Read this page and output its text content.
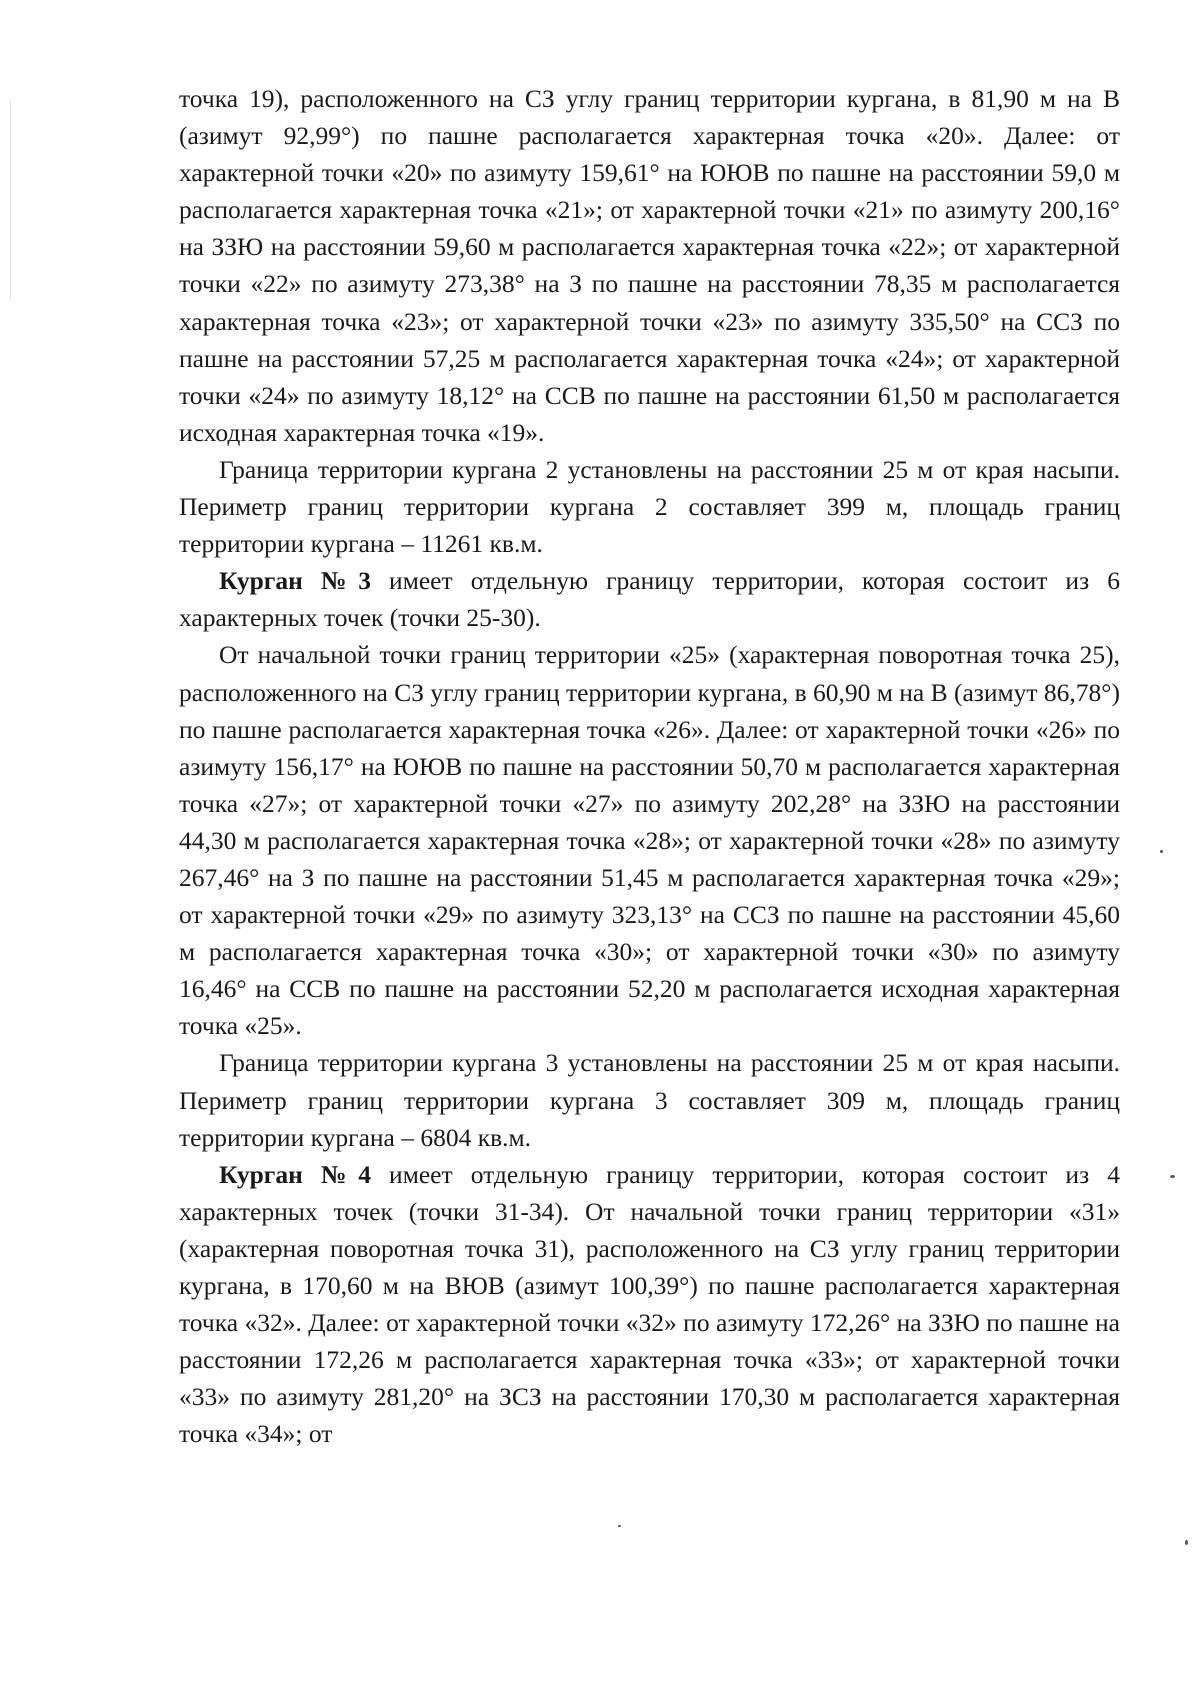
точка 19), расположенного на СЗ углу границ территории кургана, в 81,90 м на В (азимут 92,99°) по пашне располагается характерная точка «20». Далее: от характерной точки «20» по азимуту 159,61° на ЮЮВ по пашне на расстоянии 59,0 м располагается характерная точка «21»; от характерной точки «21» по азимуту 200,16° на ЗЗЮ на расстоянии 59,60 м располагается характерная точка «22»; от характерной точки «22» по азимуту 273,38° на З по пашне на расстоянии 78,35 м располагается характерная точка «23»; от характерной точки «23» по азимуту 335,50° на ССЗ по пашне на расстоянии 57,25 м располагается характерная точка «24»; от характерной точки «24» по азимуту 18,12° на ССВ по пашне на расстоянии 61,50 м располагается исходная характерная точка «19».

Граница территории кургана 2 установлены на расстоянии 25 м от края насыпи. Периметр границ территории кургана 2 составляет 399 м, площадь границ территории кургана – 11261 кв.м.

Курган №3 имеет отдельную границу территории, которая состоит из 6 характерных точек (точки 25-30).

От начальной точки границ территории «25» (характерная поворотная точка 25), расположенного на СЗ углу границ территории кургана, в 60,90 м на В (азимут 86,78°) по пашне располагается характерная точка «26». Далее: от характерной точки «26» по азимуту 156,17° на ЮЮВ по пашне на расстоянии 50,70 м располагается характерная точка «27»; от характерной точки «27» по азимуту 202,28° на ЗЗЮ на расстоянии 44,30 м располагается характерная точка «28»; от характерной точки «28» по азимуту 267,46° на З по пашне на расстоянии 51,45 м располагается характерная точка «29»; от характерной точки «29» по азимуту 323,13° на ССЗ по пашне на расстоянии 45,60 м располагается характерная точка «30»; от характерной точки «30» по азимуту 16,46° на ССВ по пашне на расстоянии 52,20 м располагается исходная характерная точка «25».

Граница территории кургана 3 установлены на расстоянии 25 м от края насыпи. Периметр границ территории кургана 3 составляет 309 м, площадь границ территории кургана – 6804 кв.м.

Курган №4 имеет отдельную границу территории, которая состоит из 4 характерных точек (точки 31-34). От начальной точки границ территории «31» (характерная поворотная точка 31), расположенного на СЗ углу границ территории кургана, в 170,60 м на ВЮВ (азимут 100,39°) по пашне располагается характерная точка «32». Далее: от характерной точки «32» по азимуту 172,26° на ЗЗЮ по пашне на расстоянии 172,26 м располагается характерная точка «33»; от характерной точки «33» по азимуту 281,20° на ЗСЗ на расстоянии 170,30 м располагается характерная точка «34»; от
